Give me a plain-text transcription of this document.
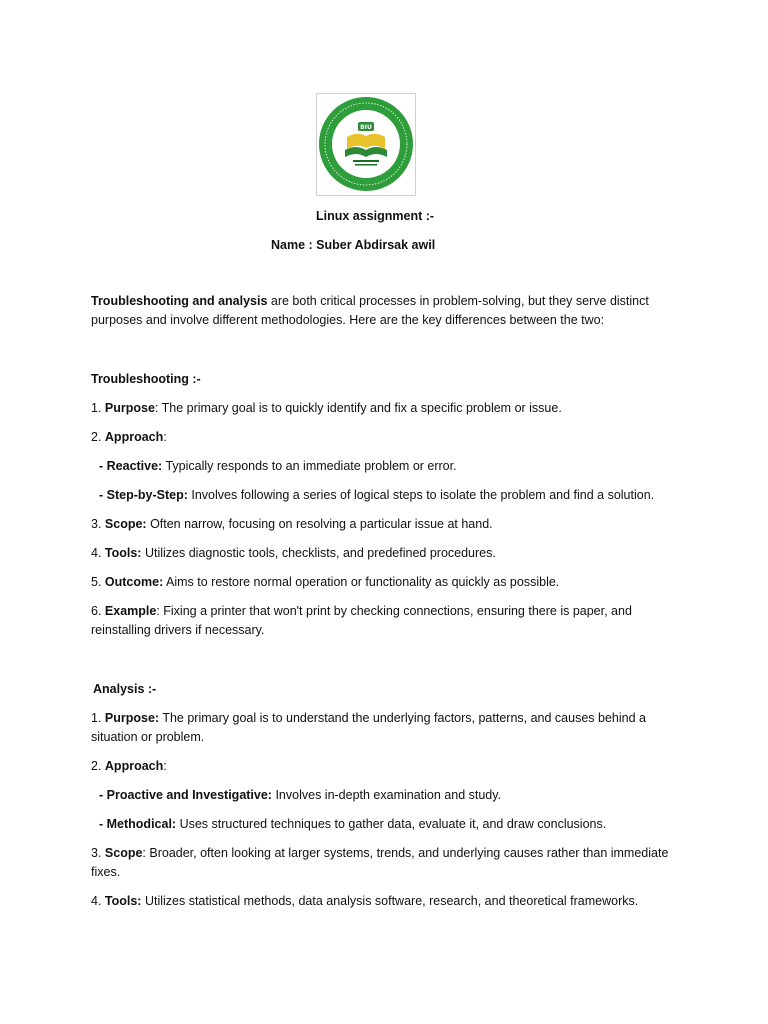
BIU
Linux assignment :-
Name : Suber Abdirsak awil
Troubleshooting and analysis are both critical processes in problem-solving, but they serve distinct
purposes and involve different methodologies. Here are the key differences between the two:
Troubleshooting :-
1. Purpose: The primary goal is to quickly identify and fix a specific problem or issue.
2. Approach:
- Reactive: Typically responds to an immediate problem or error.
- Step-by-Step: Involves following a series of logical steps to isolate the problem and find a solution.
3. Scope: Often narrow, focusing on resolving a particular issue at hand.
4. Tools: Utilizes diagnostic tools, checklists, and predefined procedures.
5. Outcome: Aims to restore normal operation or functionality as quickly as possible.
6. Example: Fixing a printer that won't print by checking connections, ensuring there is paper, and
reinstalling drivers if necessary.
Analysis :-
1. Purpose: The primary goal is to understand the underlying factors, patterns, and causes behind a
situation or problem.
2. Approach:
- Proactive and Investigative: Involves in-depth examination and study.
- Methodical: Uses structured techniques to gather data, evaluate it, and draw conclusions.
3. Scope: Broader, often looking at larger systems, trends, and underlying causes rather than immediate
fixes.
4. Tools: Utilizes statistical methods, data analysis software, research, and theoretical frameworks.
